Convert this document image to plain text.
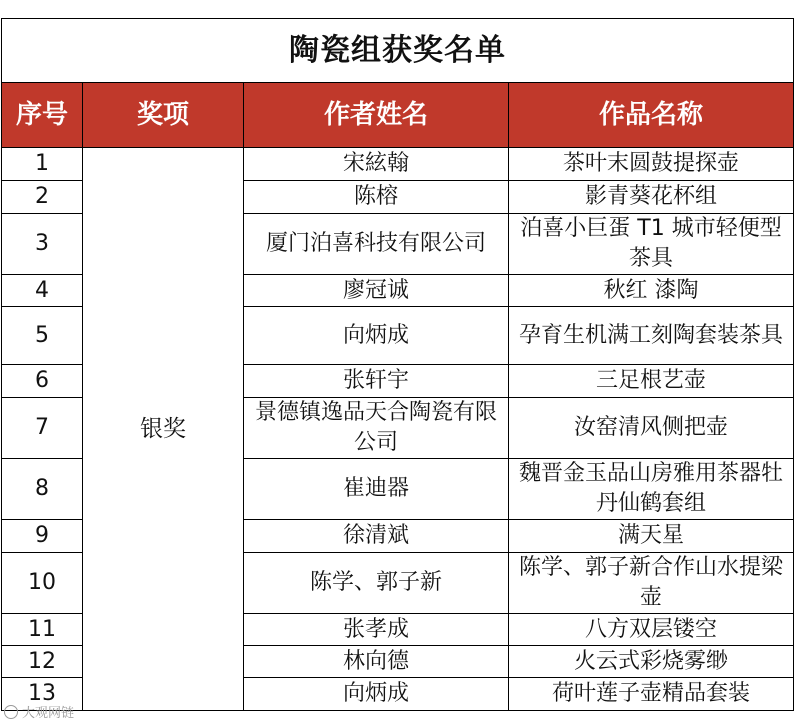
陶瓷组获奖名单			
序号	奖项	作者姓名	作品名称
1	银奖	宋絃翰	茶叶末圆鼓提探壶
2		陈榕	影青葵花杯组
3		厦门泊喜科技有限公司	泊喜小巨蛋 T1 城市轻便型茶具
4		廖冠诚	秋红 漆陶
5		向炳成	孕育生机满工刻陶套装茶具
6		张轩宇	三足根艺壶
7		景德镇逸品天合陶瓷有限公司	汝窑清风侧把壶
8		崔迪器	魏晋金玉品山房雅用茶器牡丹仙鹤套组
9		徐清斌	满天星
10		陈学、郭子新	陈学、郭子新合作山水提梁壶
11		张孝成	八方双层镂空
12		林向德	火云式彩烧雾缈
13		向炳成	荷叶莲子壶精品套装
大观网链
